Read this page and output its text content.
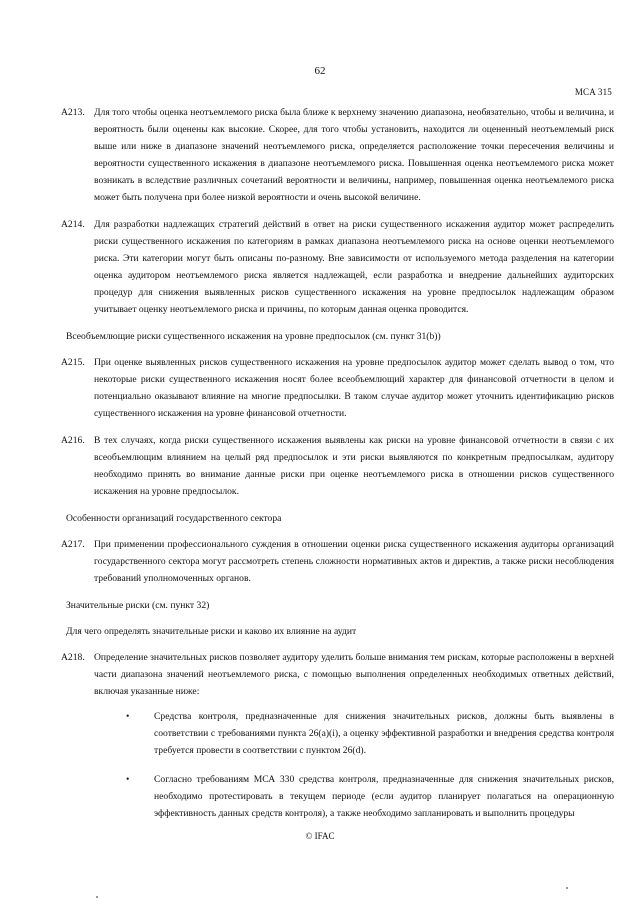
62
MCA 315
A213. Для того чтобы оценка неотъемлемого риска была ближе к верхнему значению диапазона, необязательно, чтобы и величина, и вероятность были оценены как высокие. Скорее, для того чтобы установить, находится ли оцененный неотъемлемый риск выше или ниже в диапазоне значений неотъемлемого риска, определяется расположение точки пересечения величины и вероятности существенного искажения в диапазоне неотъемлемого риска. Повышенная оценка неотъемлемого риска может возникать в вследствие различных сочетаний вероятности и величины, например, повышенная оценка неотъемлемого риска может быть получена при более низкой вероятности и очень высокой величине.
A214. Для разработки надлежащих стратегий действий в ответ на риски существенного искажения аудитор может распределить риски существенного искажения по категориям в рамках диапазона неотъемлемого риска на основе оценки неотъемлемого риска. Эти категории могут быть описаны по-разному. Вне зависимости от используемого метода разделения на категории оценка аудитором неотъемлемого риска является надлежащей, если разработка и внедрение дальнейших аудиторских процедур для снижения выявленных рисков существенного искажения на уровне предпосылок надлежащим образом учитывает оценку неотъемлемого риска и причины, по которым данная оценка проводится.
Всеобъемлющие риски существенного искажения на уровне предпосылок (см. пункт 31(b))
A215. При оценке выявленных рисков существенного искажения на уровне предпосылок аудитор может сделать вывод о том, что некоторые риски существенного искажения носят более всеобъемлющий характер для финансовой отчетности в целом и потенциально оказывают влияние на многие предпосылки. В таком случае аудитор может уточнить идентификацию рисков существенного искажения на уровне финансовой отчетности.
A216. В тех случаях, когда риски существенного искажения выявлены как риски на уровне финансовой отчетности в связи с их всеобъемлющим влиянием на целый ряд предпосылок и эти риски выявляются по конкретным предпосылкам, аудитору необходимо принять во внимание данные риски при оценке неотъемлемого риска в отношении рисков существенного искажения на уровне предпосылок.
Особенности организаций государственного сектора
A217. При применении профессионального суждения в отношении оценки риска существенного искажения аудиторы организаций государственного сектора могут рассмотреть степень сложности нормативных актов и директив, а также риски несоблюдения требований уполномоченных органов.
Значительные риски (см. пункт 32)
Для чего определять значительные риски и каково их влияние на аудит
A218. Определение значительных рисков позволяет аудитору уделить больше внимания тем рискам, которые расположены в верхней части диапазона значений неотъемлемого риска, с помощью выполнения определенных необходимых ответных действий, включая указанные ниже:
•	Средства контроля, предназначенные для снижения значительных рисков, должны быть выявлены в соответствии с требованиями пункта 26(a)(i), а оценку эффективной разработки и внедрения средства контроля требуется провести в соответствии с пунктом 26(d).
•	Согласно требованиям МСА 330 средства контроля, предназначенные для снижения значительных рисков, необходимо протестировать в текущем периоде (если аудитор планирует полагаться на операционную эффективность данных средств контроля), а также необходимо запланировать и выполнить процедуры
© IFAC
